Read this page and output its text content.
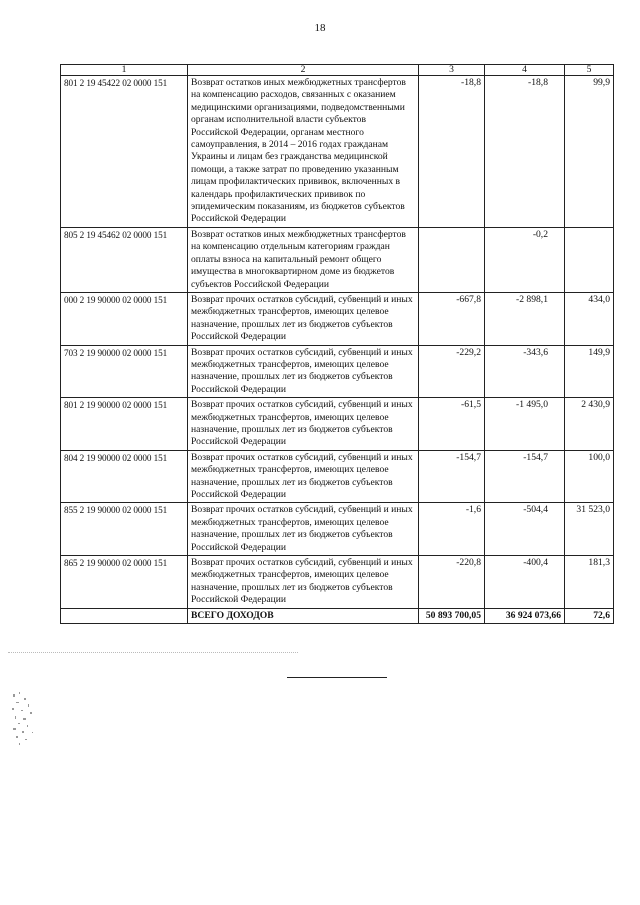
18
1	2	3	4	5
801 2 19 45422 02 0000 151	Возврат остатков иных межбюджетных трансфертов на компенсацию расходов, связанных с оказанием медицинскими организациями, подведомственными органам исполнительной власти субъектов Российской Федерации, органам местного самоуправления, в 2014 – 2016 годах гражданам Украины и лицам без гражданства медицинской помощи, а также затрат по проведению указанным лицам профилактических прививок, включенных в календарь профилактических прививок по эпидемическим показаниям, из бюджетов субъектов Российской Федерации	-18,8	-18,8	99,9
805 2 19 45462 02 0000 151	Возврат остатков иных межбюджетных трансфертов на компенсацию отдельным категориям граждан оплаты взноса на капитальный ремонт общего имущества в многоквартирном доме из бюджетов субъектов Российской Федерации		-0,2	
000 2 19 90000 02 0000 151	Возврат прочих остатков субсидий, субвенций и иных межбюджетных трансфертов, имеющих целевое назначение, прошлых лет из бюджетов субъектов Российской Федерации	-667,8	-2 898,1	434,0
703 2 19 90000 02 0000 151	Возврат прочих остатков субсидий, субвенций и иных межбюджетных трансфертов, имеющих целевое назначение, прошлых лет из бюджетов субъектов Российской Федерации	-229,2	-343,6	149,9
801 2 19 90000 02 0000 151	Возврат прочих остатков субсидий, субвенций и иных межбюджетных трансфертов, имеющих целевое назначение, прошлых лет из бюджетов субъектов Российской Федерации	-61,5	-1 495,0	2 430,9
804 2 19 90000 02 0000 151	Возврат прочих остатков субсидий, субвенций и иных межбюджетных трансфертов, имеющих целевое назначение, прошлых лет из бюджетов субъектов Российской Федерации	-154,7	-154,7	100,0
855 2 19 90000 02 0000 151	Возврат прочих остатков субсидий, субвенций и иных межбюджетных трансфертов, имеющих целевое назначение, прошлых лет из бюджетов субъектов Российской Федерации	-1,6	-504,4	31 523,0
865 2 19 90000 02 0000 151	Возврат прочих остатков субсидий, субвенций и иных межбюджетных трансфертов, имеющих целевое назначение, прошлых лет из бюджетов субъектов Российской Федерации	-220,8	-400,4	181,3
	ВСЕГО ДОХОДОВ	50 893 700,05	36 924 073,66	72,6
